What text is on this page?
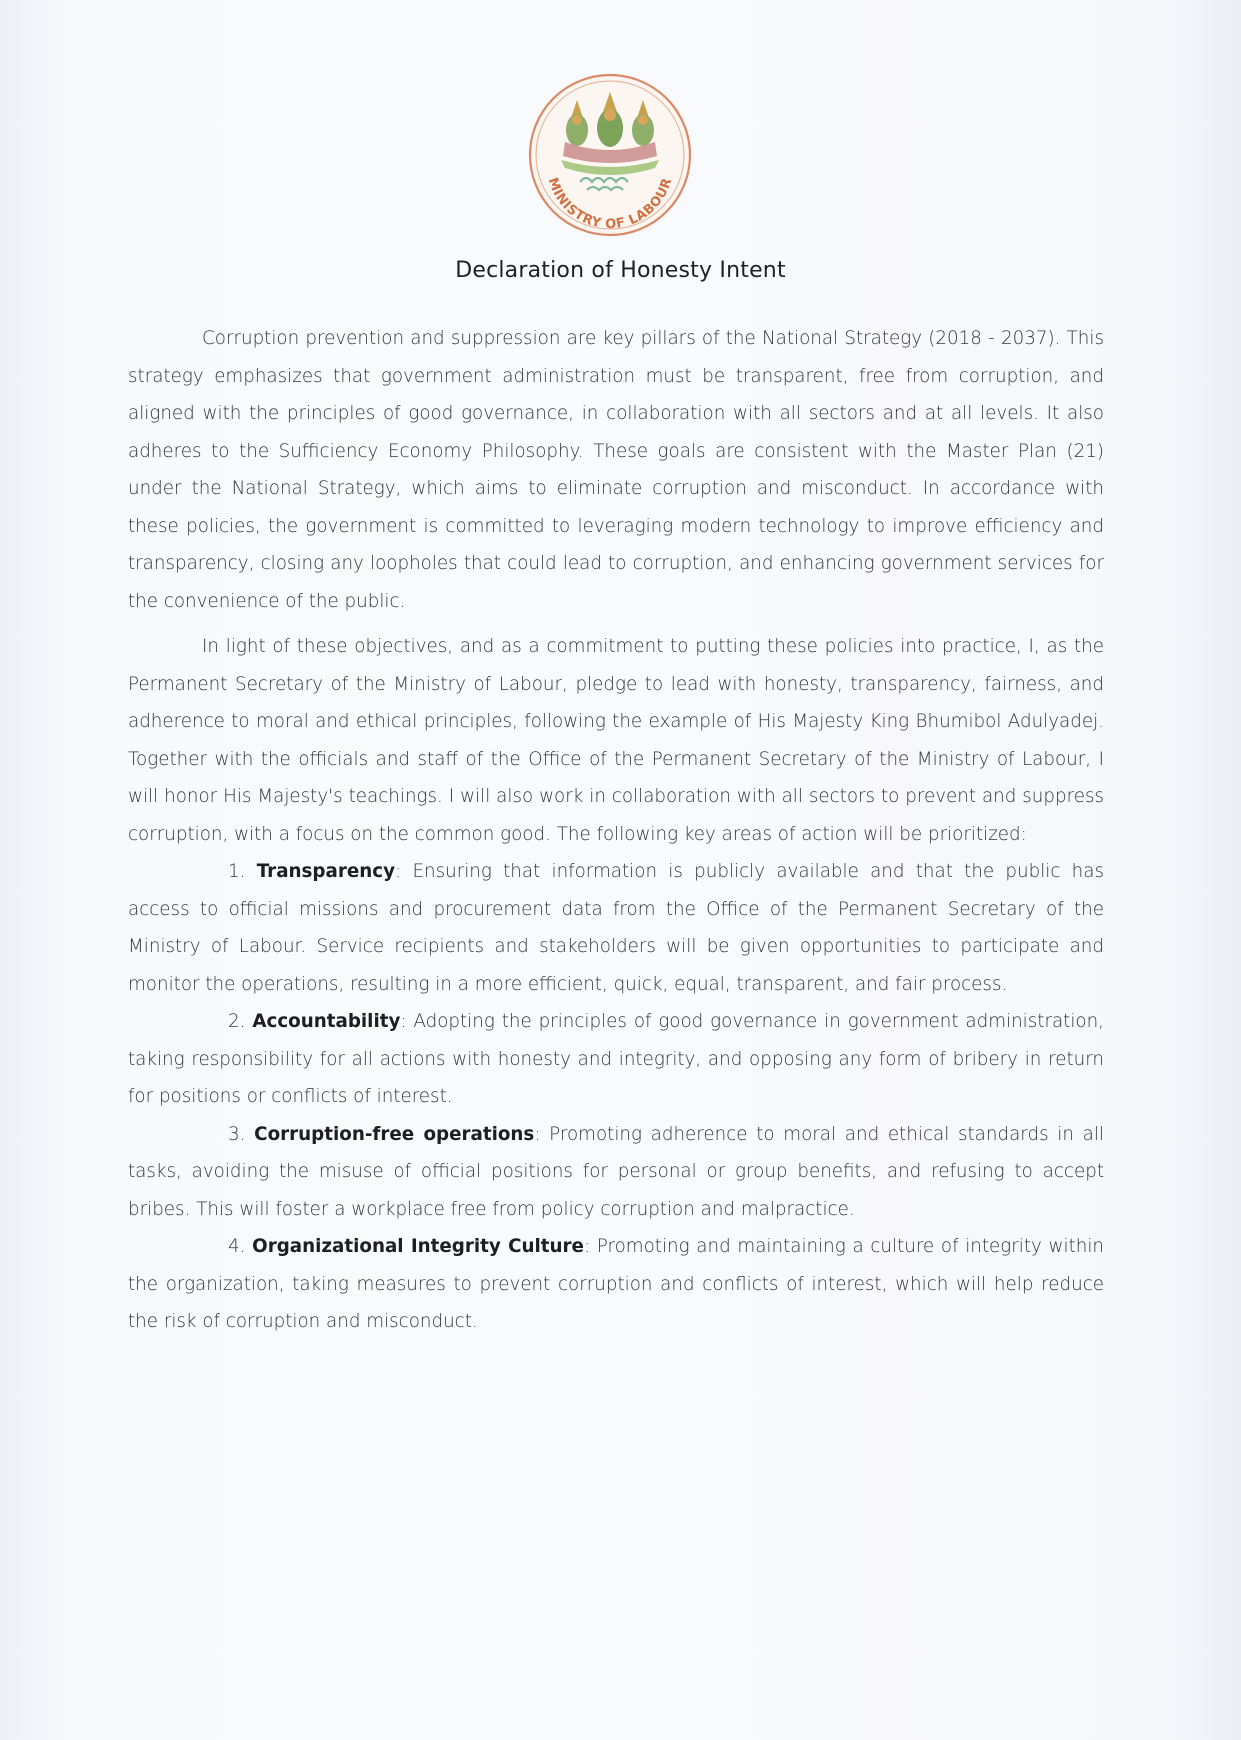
MINISTRY OF LABOUR
Declaration of Honesty Intent

Corruption prevention and suppression are key pillars of the National Strategy (2018 - 2037). This strategy emphasizes that government administration must be transparent, free from corruption, and aligned with the principles of good governance, in collaboration with all sectors and at all levels. It also adheres to the Sufficiency Economy Philosophy. These goals are consistent with the Master Plan (21) under the National Strategy, which aims to eliminate corruption and misconduct. In accordance with these policies, the government is committed to leveraging modern technology to improve efficiency and transparency, closing any loopholes that could lead to corruption, and enhancing government services for the convenience of the public.

In light of these objectives, and as a commitment to putting these policies into practice, I, as the Permanent Secretary of the Ministry of Labour, pledge to lead with honesty, transparency, fairness, and adherence to moral and ethical principles, following the example of His Majesty King Bhumibol Adulyadej. Together with the officials and staff of the Office of the Permanent Secretary of the Ministry of Labour, I will honor His Majesty's teachings. I will also work in collaboration with all sectors to prevent and suppress corruption, with a focus on the common good. The following key areas of action will be prioritized:

1. Transparency: Ensuring that information is publicly available and that the public has access to official missions and procurement data from the Office of the Permanent Secretary of the Ministry of Labour. Service recipients and stakeholders will be given opportunities to participate and monitor the operations, resulting in a more efficient, quick, equal, transparent, and fair process.

2. Accountability: Adopting the principles of good governance in government administration, taking responsibility for all actions with honesty and integrity, and opposing any form of bribery in return for positions or conflicts of interest.

3. Corruption-free operations: Promoting adherence to moral and ethical standards in all tasks, avoiding the misuse of official positions for personal or group benefits, and refusing to accept bribes. This will foster a workplace free from policy corruption and malpractice.

4. Organizational Integrity Culture: Promoting and maintaining a culture of integrity within the organization, taking measures to prevent corruption and conflicts of interest, which will help reduce the risk of corruption and misconduct.
